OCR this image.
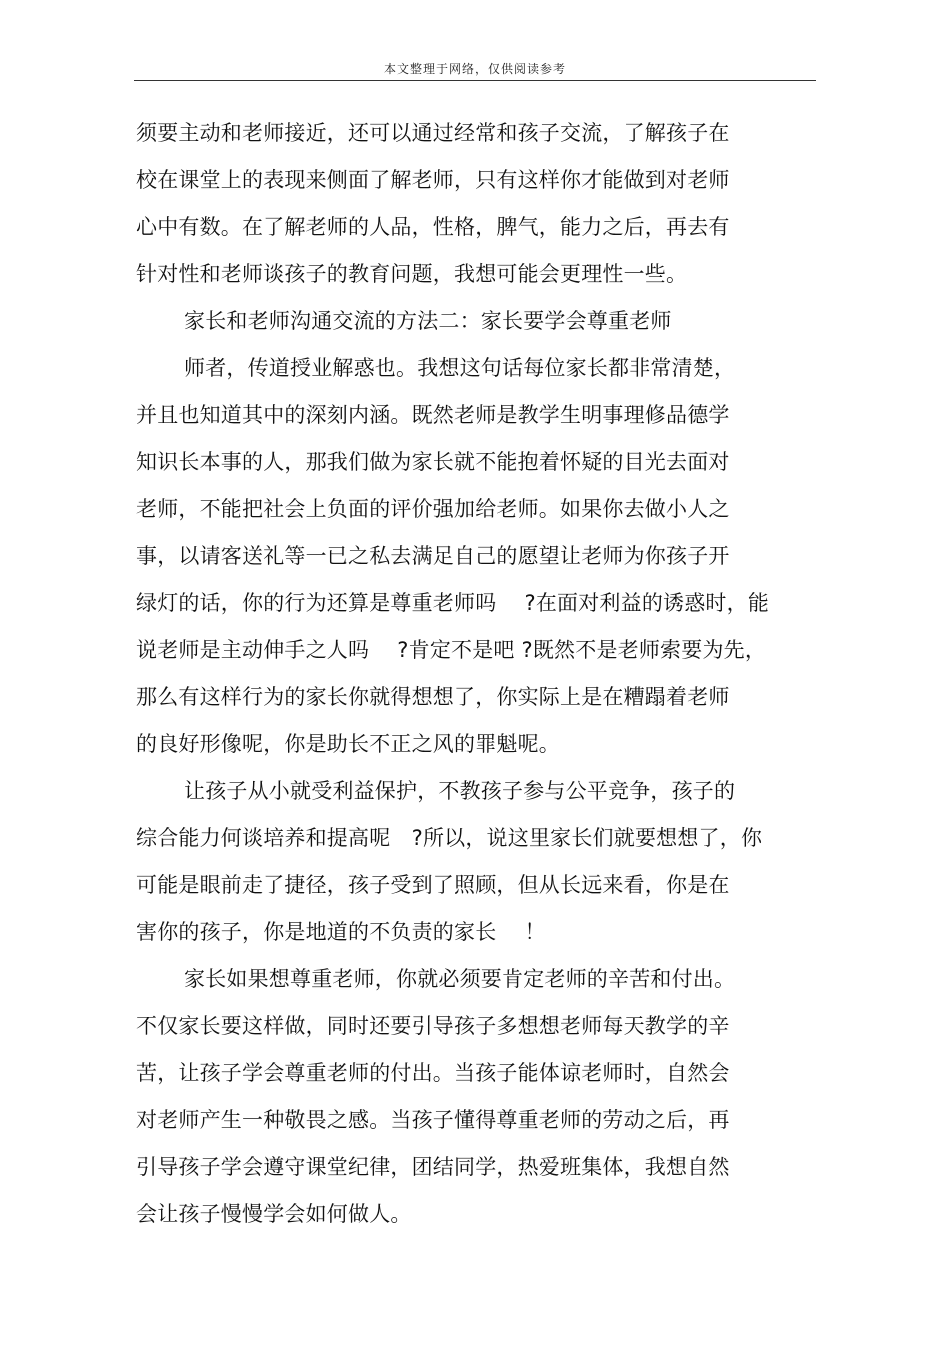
本文整理于网络，仅供阅读参考
须要主动和老师接近，还可以通过经常和孩子交流，了解孩子在
校在课堂上的表现来侧面了解老师，只有这样你才能做到对老师
心中有数。在了解老师的人品，性格，脾气，能力之后，再去有
针对性和老师谈孩子的教育问题，我想可能会更理性一些。
家长和老师沟通交流的方法二：家长要学会尊重老师
师者，传道授业解惑也。我想这句话每位家长都非常清楚，
并且也知道其中的深刻内涵。既然老师是教学生明事理修品德学
知识长本事的人，那我们做为家长就不能抱着怀疑的目光去面对
老师，不能把社会上负面的评价强加给老师。如果你去做小人之
事，以请客送礼等一已之私去满足自己的愿望让老师为你孩子开
绿灯的话，你的行为还算是尊重老师吗　 ?在面对利益的诱惑时，能
说老师是主动伸手之人吗　 ?肯定不是吧 ?既然不是老师索要为先，
那么有这样行为的家长你就得想想了，你实际上是在糟蹋着老师
的良好形像呢，你是助长不正之风的罪魁呢。
让孩子从小就受利益保护，不教孩子参与公平竞争，孩子的
综合能力何谈培养和提高呢　?所以，说这里家长们就要想想了，你
可能是眼前走了捷径，孩子受到了照顾，但从长远来看，你是在
害你的孩子，你是地道的不负责的家长　 ！
家长如果想尊重老师，你就必须要肯定老师的辛苦和付出。
不仅家长要这样做，同时还要引导孩子多想想老师每天教学的辛
苦，让孩子学会尊重老师的付出。当孩子能体谅老师时，自然会
对老师产生一种敬畏之感。当孩子懂得尊重老师的劳动之后，再
引导孩子学会遵守课堂纪律，团结同学，热爱班集体，我想自然
会让孩子慢慢学会如何做人。
